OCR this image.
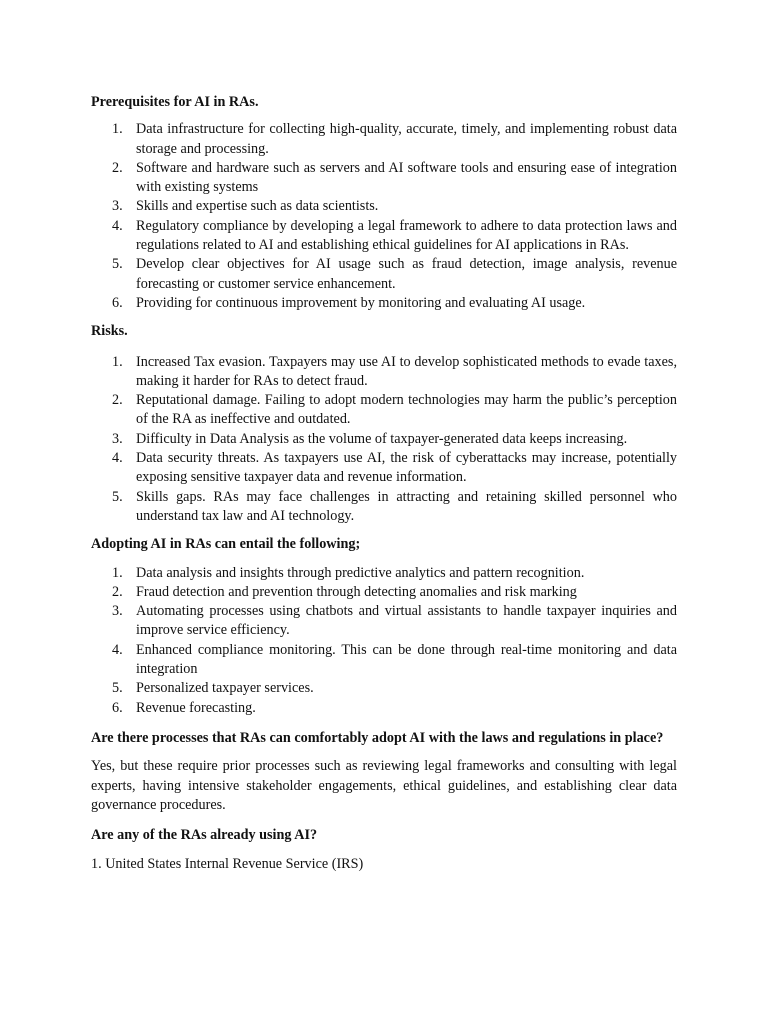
Prerequisites for AI in RAs.
1. Data infrastructure for collecting high-quality, accurate, timely, and implementing robust data storage and processing.
2. Software and hardware such as servers and AI software tools and ensuring ease of integration with existing systems
3. Skills and expertise such as data scientists.
4. Regulatory compliance by developing a legal framework to adhere to data protection laws and regulations related to AI and establishing ethical guidelines for AI applications in RAs.
5. Develop clear objectives for AI usage such as fraud detection, image analysis, revenue forecasting or customer service enhancement.
6. Providing for continuous improvement by monitoring and evaluating AI usage.
Risks.
1. Increased Tax evasion. Taxpayers may use AI to develop sophisticated methods to evade taxes, making it harder for RAs to detect fraud.
2. Reputational damage. Failing to adopt modern technologies may harm the public’s perception of the RA as ineffective and outdated.
3. Difficulty in Data Analysis as the volume of taxpayer-generated data keeps increasing.
4. Data security threats. As taxpayers use AI, the risk of cyberattacks may increase, potentially exposing sensitive taxpayer data and revenue information.
5. Skills gaps. RAs may face challenges in attracting and retaining skilled personnel who understand tax law and AI technology.
Adopting AI in RAs can entail the following;
1. Data analysis and insights through predictive analytics and pattern recognition.
2. Fraud detection and prevention through detecting anomalies and risk marking
3. Automating processes using chatbots and virtual assistants to handle taxpayer inquiries and improve service efficiency.
4. Enhanced compliance monitoring. This can be done through real-time monitoring and data integration
5. Personalized taxpayer services.
6. Revenue forecasting.
Are there processes that RAs can comfortably adopt AI with the laws and regulations in place?

Yes, but these require prior processes such as reviewing legal frameworks and consulting with legal experts, having intensive stakeholder engagements, ethical guidelines, and establishing clear data governance procedures.

Are any of the RAs already using AI?

1. United States Internal Revenue Service (IRS)
